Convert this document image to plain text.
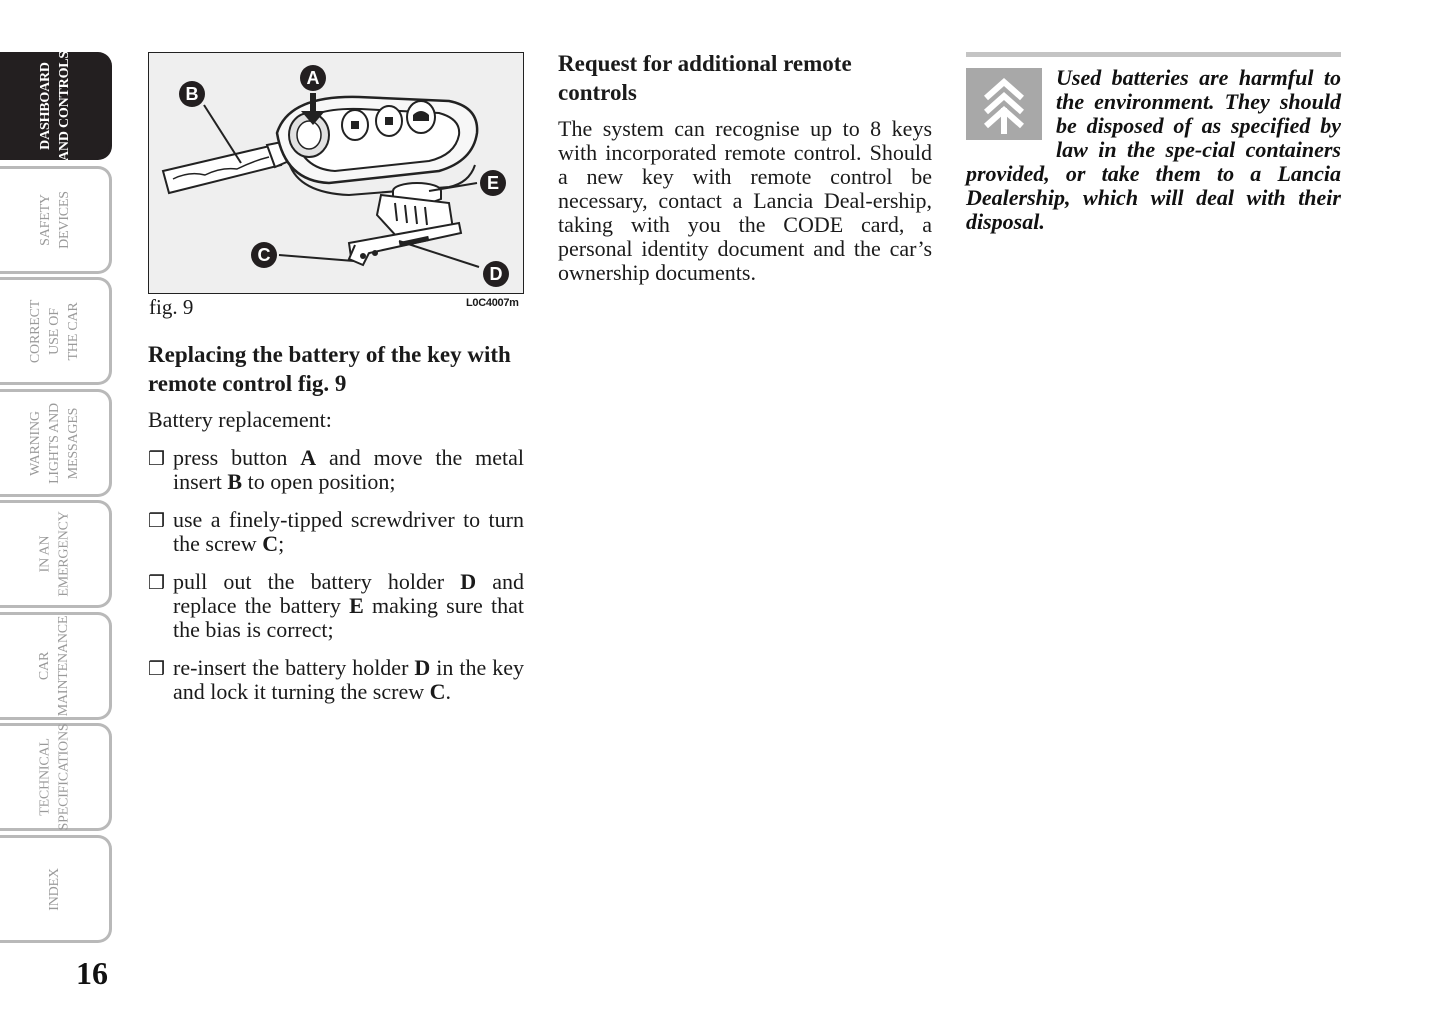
DASHBOARD
AND CONTROLS
SAFETY
DEVICES
CORRECT
USE OF
THE CAR
WARNING
LIGHTS AND
MESSAGES
IN AN
EMERGENCY
CAR
MAINTENANCE
TECHNICAL
SPECIFICATIONS
INDEX
16
A
B
C
D
E
fig. 9	L0C4007m
Replacing the battery of the key with remote control fig. 9

Battery replacement:

❒ press button A and move the metal insert B to open position;
❒ use a finely-tipped screwdriver to turn the screw C;
❒ pull out the battery holder D and replace the battery E making sure that the bias is correct;
❒ re-insert the battery holder D in the key and lock it turning the screw C.
Request for additional remote controls

The system can recognise up to 8 keys with incorporated remote control. Should a new key with remote control be necessary, contact a Lancia Deal-ership, taking with you the CODE card, a personal identity document and the car’s ownership documents.

Used batteries are harmful to the environment. They should be disposed of as specified by law in the spe-cial containers provided, or take them to a Lancia Dealership, which will deal with their disposal.
